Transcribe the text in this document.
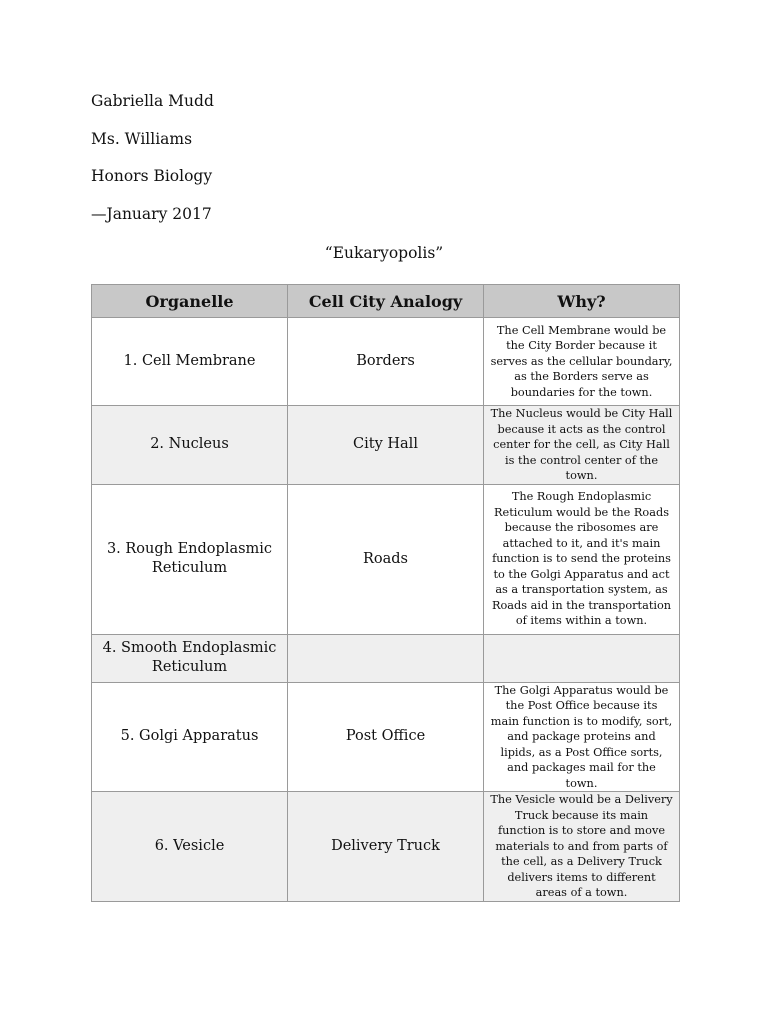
Gabriella Mudd
Ms. Williams
Honors Biology
—January 2017
“Eukaryopolis”
Organelle	Cell City Analogy	Why?
1. Cell Membrane	Borders	The Cell Membrane would be the City Border because it serves as the cellular boundary, as the Borders serve as boundaries for the town.
2. Nucleus	City Hall	The Nucleus would be City Hall because it acts as the control center for the cell, as City Hall is the control center of the town.
3. Rough Endoplasmic Reticulum	Roads	The Rough Endoplasmic Reticulum would be the Roads because the ribosomes are attached to it, and it's main function is to send the proteins to the Golgi Apparatus and act as a transportation system, as Roads aid in the transportation of items within a town.
4. Smooth Endoplasmic Reticulum		
5. Golgi Apparatus	Post Office	The Golgi Apparatus would be the Post Office because its main function is to modify, sort, and package proteins and lipids, as a Post Office sorts, and packages mail for the town.
6. Vesicle	Delivery Truck	The Vesicle would be a Delivery Truck because its main function is to store and move materials to and from parts of the cell, as a Delivery Truck delivers items to different areas of a town.
